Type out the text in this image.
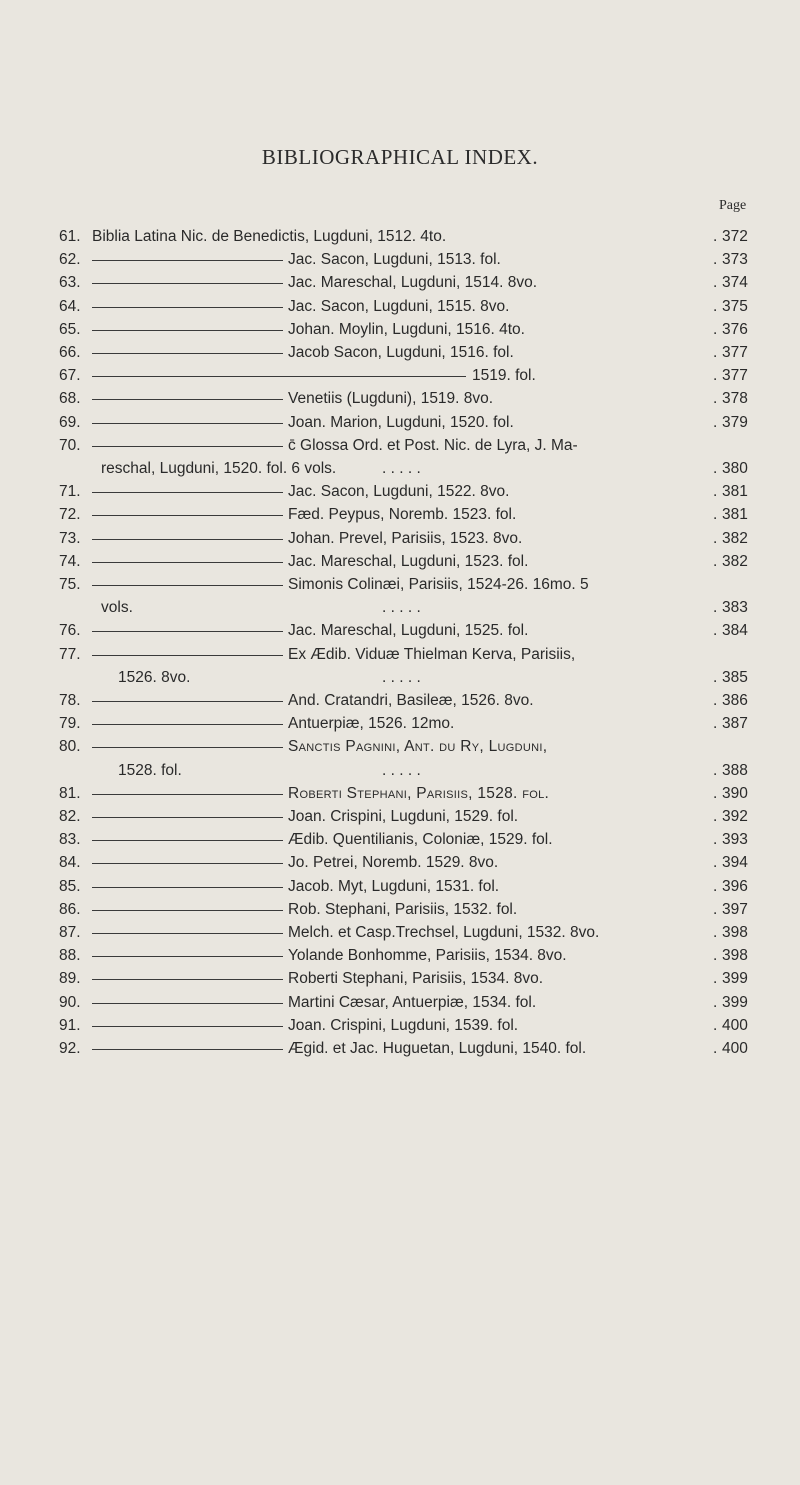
BIBLIOGRAPHICAL INDEX.
Page
61. Biblia Latina Nic. de Benedictis, Lugduni, 1512. 4to.	. 372
62.	Jac. Sacon, Lugduni, 1513. fol.	. 373
63.	Jac. Mareschal, Lugduni, 1514. 8vo.	. 374
64.	Jac. Sacon, Lugduni, 1515. 8vo.	. 375
65.	Johan. Moylin, Lugduni, 1516. 4to.	. 376
66.	Jacob Sacon, Lugduni, 1516. fol.	. 377
67.	1519. fol.	. 377
68.	Venetiis (Lugduni), 1519. 8vo.	. 378
69.	Joan. Marion, Lugduni, 1520. fol.	. 379
70.	c̄ Glossa Ord. et Post. Nic. de Lyra, J. Ma-
reschal, Lugduni, 1520. fol. 6 vols.	. . . . .	. 380
71.	Jac. Sacon, Lugduni, 1522. 8vo.	. 381
72.	Fæd. Peypus, Noremb. 1523. fol.	. 381
73.	Johan. Prevel, Parisiis, 1523. 8vo.	. 382
74.	Jac. Mareschal, Lugduni, 1523. fol.	. 382
75.	Simonis Colinæi, Parisiis, 1524-26. 16mo. 5
vols.	. . . . .	. 383
76.	Jac. Mareschal, Lugduni, 1525. fol.	. 384
77.	Ex Ædib. Viduæ Thielman Kerva, Parisiis,
1526. 8vo.	. . . . .	. 385
78.	And. Cratandri, Basileæ, 1526. 8vo.	. 386
79.	Antuerpiæ, 1526. 12mo.	. 387
80.	Sanctis Pagnini, Ant. du Ry, Lugduni,
1528. fol.	. . . . .	. 388
81.	Roberti Stephani, Parisiis, 1528. fol.	. 390
82.	Joan. Crispini, Lugduni, 1529. fol.	. 392
83.	Ædib. Quentilianis, Coloniæ, 1529. fol.	. 393
84.	Jo. Petrei, Noremb. 1529. 8vo.	. 394
85.	Jacob. Myt, Lugduni, 1531. fol.	. 396
86.	Rob. Stephani, Parisiis, 1532. fol.	. 397
87.	Melch. et Casp.Trechsel, Lugduni, 1532. 8vo.	. 398
88.	Yolande Bonhomme, Parisiis, 1534. 8vo.	. 398
89.	Roberti Stephani, Parisiis, 1534. 8vo.	. 399
90.	Martini Cæsar, Antuerpiæ, 1534. fol.	. 399
91.	Joan. Crispini, Lugduni, 1539. fol.	. 400
92.	Ægid. et Jac. Huguetan, Lugduni, 1540. fol.	. 400
